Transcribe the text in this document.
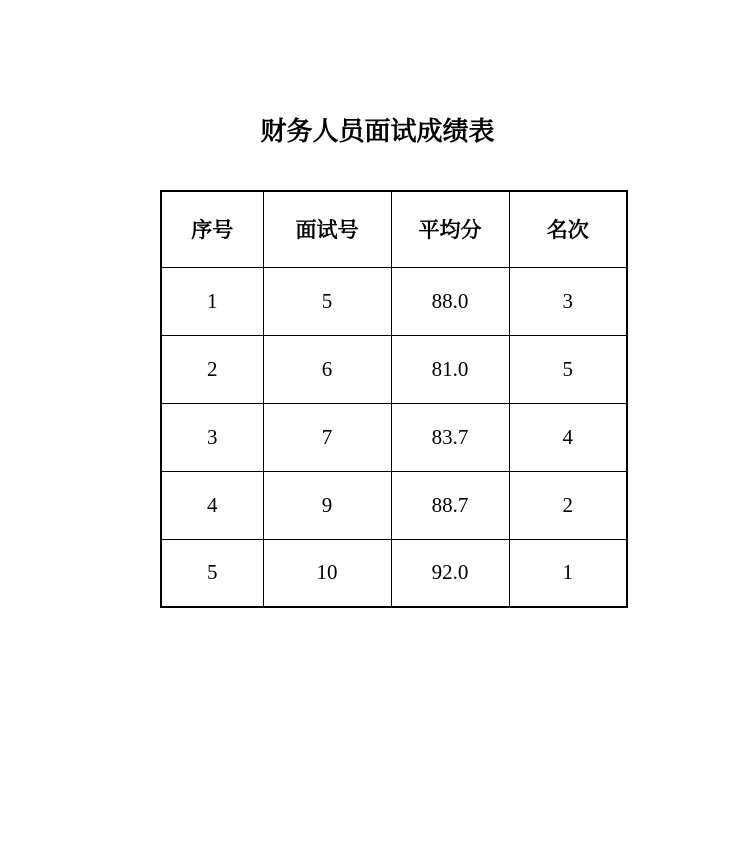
财务人员面试成绩表
序号	面试号	平均分	名次
1	5	88.0	3
2	6	81.0	5
3	7	83.7	4
4	9	88.7	2
5	10	92.0	1
